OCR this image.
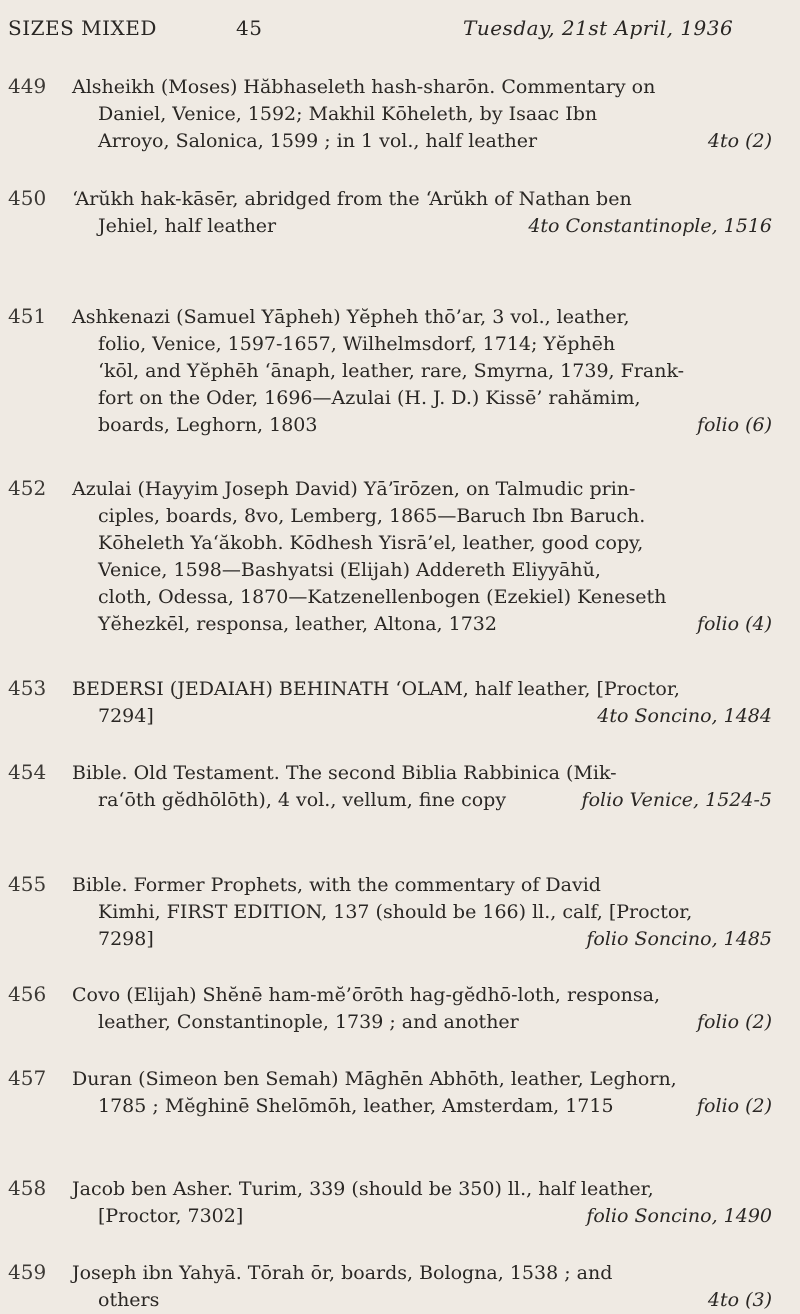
SIZES MIXED	45	Tuesday, 21st April, 1936
449 Alsheikh (Moses) Hăbhaseleth hash-sharōn. Commentary on
Daniel, Venice, 1592; Makhil Kōheleth, by Isaac Ibn
Arroyo, Salonica, 1599 ; in 1 vol., half leather	4to (2)
450 ‘Arŭkh hak-kāsēr, abridged from the ‘Arŭkh of Nathan ben
Jehiel, half leather	4to Constantinople, 1516
451 Ashkenazi (Samuel Yāpheh) Yĕpheh thō’ar, 3 vol., leather,
folio, Venice, 1597-1657, Wilhelmsdorf, 1714; Yĕphēh
‘kōl, and Yĕphēh ‘ānaph, leather, rare, Smyrna, 1739, Frank-
fort on the Oder, 1696—Azulai (H. J. D.) Kissē’ rahămim,
boards, Leghorn, 1803	folio (6)
452 Azulai (Hayyim Joseph David) Yā’īrōzen, on Talmudic prin-
ciples, boards, 8vo, Lemberg, 1865—Baruch Ibn Baruch.
Kōheleth Ya‘ăkobh. Kōdhesh Yisrā’el, leather, good copy,
Venice, 1598—Bashyatsi (Elijah) Addereth Eliyyāhŭ,
cloth, Odessa, 1870—Katzenellenbogen (Ezekiel) Keneseth
Yĕhezkēl, responsa, leather, Altona, 1732	folio (4)
453 BEDERSI (JEDAIAH) BEHINATH ‘OLAM, half leather, [Proctor,
7294]	4to Soncino, 1484
454 Bible. Old Testament. The second Biblia Rabbinica (Mik-
ra‘ōth gĕdhōlōth), 4 vol., vellum, fine copy	folio Venice, 1524-5
455 Bible. Former Prophets, with the commentary of David
Kimhi, FIRST EDITION, 137 (should be 166) ll., calf, [Proctor,
7298]	folio Soncino, 1485
456 Covo (Elijah) Shĕnē ham-mĕ’ōrōth hag-gĕdhō-loth, responsa,
leather, Constantinople, 1739 ; and another	folio (2)
457 Duran (Simeon ben Semah) Māghēn Abhōth, leather, Leghorn,
1785 ; Mĕghinē Shelōmōh, leather, Amsterdam, 1715	folio (2)
458 Jacob ben Asher. Turim, 339 (should be 350) ll., half leather,
[Proctor, 7302]	folio Soncino, 1490
459 Joseph ibn Yahyā. Tōrah ōr, boards, Bologna, 1538 ; and
others	4to (3)
